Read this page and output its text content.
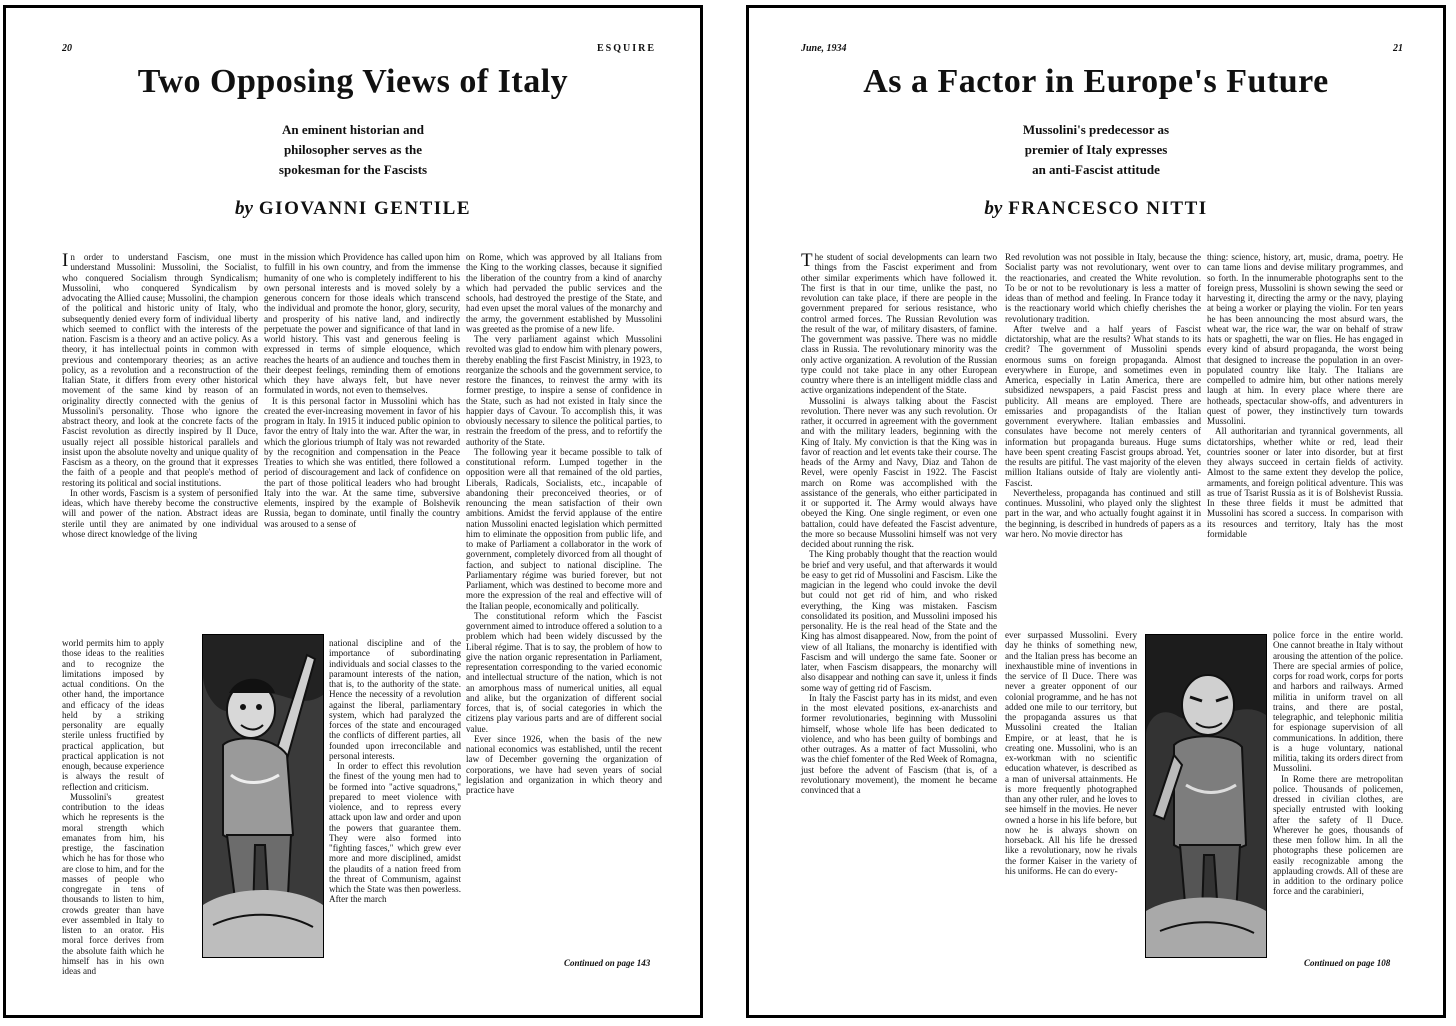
20	ESQUIRE
Two Opposing Views of Italy
An eminent historian and
philosopher serves as the
spokesman for the Fascists
by GIOVANNI GENTILE

In order to understand Fascism, one must understand Mussolini: Mussolini, the Socialist, who conquered Socialism through Syndicalism; Mussolini, who conquered Syndicalism by advocating the Allied cause; Mussolini, the champion of the political and historic unity of Italy, who subsequently denied every form of individual liberty which seemed to conflict with the interests of the nation. Fascism is a theory and an active policy. As a theory, it has intellectual points in common with previous and contemporary theories; as an active policy, as a revolution and a reconstruction of the Italian State, it differs from every other historical movement of the same kind by reason of an originality directly connected with the genius of Mussolini's personality. Those who ignore the abstract theory, and look at the concrete facts of the Fascist revolution as directly inspired by Il Duce, usually reject all possible historical parallels and insist upon the absolute novelty and unique quality of Fascism as a theory, on the ground that it expresses the faith of a people and that people's method of restoring its political and social institutions.

In other words, Fascism is a system of personified ideas, which have thereby become the constructive will and power of the nation. Abstract ideas are sterile until they are animated by one individual whose direct knowledge of the living

world permits him to apply those ideas to the realities and to recognize the limitations imposed by actual conditions. On the other hand, the importance and efficacy of the ideas held by a striking personality are equally sterile unless fructified by practical application, but practical application is not enough, because experience is always the result of reflection and criticism.

Mussolini's greatest contribution to the ideas which he represents is the moral strength which emanates from him, his prestige, the fascination which he has for those who are close to him, and for the masses of people who congregate in tens of thousands to listen to him, crowds greater than have ever assembled in Italy to listen to an orator. His moral force derives from the absolute faith which he himself has in his own ideas and

in the mission which Providence has called upon him to fulfill in his own country, and from the immense humanity of one who is completely indifferent to his own personal interests and is moved solely by a generous concern for those ideals which transcend the individual and promote the honor, glory, security, and prosperity of his native land, and indirectly perpetuate the power and significance of that land in world history. This vast and generous feeling is expressed in terms of simple eloquence, which reaches the hearts of an audience and touches them in their deepest feelings, reminding them of emotions which they have always felt, but have never formulated in words, not even to themselves.

It is this personal factor in Mussolini which has created the ever-increasing movement in favor of his program in Italy. In 1915 it induced public opinion to favor the entry of Italy into the war. After the war, in which the glorious triumph of Italy was not rewarded by the recognition and compensation in the Peace Treaties to which she was entitled, there followed a period of discouragement and lack of confidence on the part of those political leaders who had brought Italy into the war. At the same time, subversive elements, inspired by the example of Bolshevik Russia, began to dominate, until finally the country was aroused to a sense of

national discipline and of the importance of subordinating individuals and social classes to the paramount interests of the nation, that is, to the authority of the state. Hence the necessity of a revolution against the liberal, parliamentary system, which had paralyzed the forces of the state and encouraged the conflicts of different parties, all founded upon irreconcilable and personal interests.

In order to effect this revolution the finest of the young men had to be formed into "active squadrons," prepared to meet violence with violence, and to repress every attack upon law and order and upon the powers that guarantee them. They were also formed into "fighting fasces," which grew ever more and more disciplined, amidst the plaudits of a nation freed from the threat of Communism, against which the State was then powerless. After the march

on Rome, which was approved by all Italians from the King to the working classes, because it signified the liberation of the country from a kind of anarchy which had pervaded the public services and the schools, had destroyed the prestige of the State, and had even upset the moral values of the monarchy and the army, the government established by Mussolini was greeted as the promise of a new life.

The very parliament against which Mussolini revolted was glad to endow him with plenary powers, thereby enabling the first Fascist Ministry, in 1923, to reorganize the schools and the government service, to restore the finances, to reinvest the army with its former prestige, to inspire a sense of confidence in the State, such as had not existed in Italy since the happier days of Cavour. To accomplish this, it was obviously necessary to silence the political parties, to restrain the freedom of the press, and to refortify the authority of the State.

The following year it became possible to talk of constitutional reform. Lumped together in the opposition were all that remained of the old parties, Liberals, Radicals, Socialists, etc., incapable of abandoning their preconceived theories, or of renouncing the mean satisfaction of their own ambitions. Amidst the fervid applause of the entire nation Mussolini enacted legislation which permitted him to eliminate the opposition from public life, and to make of Parliament a collaborator in the work of government, completely divorced from all thought of faction, and subject to national discipline. The Parliamentary régime was buried forever, but not Parliament, which was destined to become more and more the expression of the real and effective will of the Italian people, economically and politically.

The constitutional reform which the Fascist government aimed to introduce offered a solution to a problem which had been widely discussed by the Liberal régime. That is to say, the problem of how to give the nation organic representation in Parliament, representation corresponding to the varied economic and intellectual structure of the nation, which is not an amorphous mass of numerical unities, all equal and alike, but the organization of different social forces, that is, of social categories in which the citizens play various parts and are of different social value.

Ever since 1926, when the basis of the new national economics was established, until the recent law of December governing the organization of corporations, we have had seven years of social legislation and organization in which theory and practice have

Continued on page 143
June, 1934	21
As a Factor in Europe's Future
Mussolini's predecessor as
premier of Italy expresses
an anti-Fascist attitude
by FRANCESCO NITTI

The student of social developments can learn two things from the Fascist experiment and from other similar experiments which have followed it. The first is that in our time, unlike the past, no revolution can take place, if there are people in the government prepared for serious resistance, who control armed forces. The Russian Revolution was the result of the war, of military disasters, of famine. The government was passive. There was no middle class in Russia. The revolutionary minority was the only active organization. A revolution of the Russian type could not take place in any other European country where there is an intelligent middle class and active organizations independent of the State.

Mussolini is always talking about the Fascist revolution. There never was any such revolution. Or rather, it occurred in agreement with the government and with the military leaders, beginning with the King of Italy. My conviction is that the King was in favor of reaction and let events take their course. The heads of the Army and Navy, Diaz and Tahon de Revel, were openly Fascist in 1922. The Fascist march on Rome was accomplished with the assistance of the generals, who either participated in it or supported it. The Army would always have obeyed the King. One single regiment, or even one battalion, could have defeated the Fascist adventure, the more so because Mussolini himself was not very decided about running the risk.

The King probably thought that the reaction would be brief and very useful, and that afterwards it would be easy to get rid of Mussolini and Fascism. Like the magician in the legend who could invoke the devil but could not get rid of him, and who risked everything, the King was mistaken. Fascism consolidated its position, and Mussolini imposed his personality. He is the real head of the State and the King has almost disappeared. Now, from the point of view of all Italians, the monarchy is identified with Fascism and will undergo the same fate. Sooner or later, when Fascism disappears, the monarchy will also disappear and nothing can save it, unless it finds some way of getting rid of Fascism.

In Italy the Fascist party has in its midst, and even in the most elevated positions, ex-anarchists and former revolutionaries, beginning with Mussolini himself, whose whole life has been dedicated to violence, and who has been guilty of bombings and other outrages. As a matter of fact Mussolini, who was the chief fomenter of the Red Week of Romagna, just before the advent of Fascism (that is, of a revolutionary movement), the moment he became convinced that a

Red revolution was not possible in Italy, because the Socialist party was not revolutionary, went over to the reactionaries, and created the White revolution. To be or not to be revolutionary is less a matter of ideas than of method and feeling. In France today it is the reactionary world which chiefly cherishes the revolutionary tradition.

After twelve and a half years of Fascist dictatorship, what are the results? What stands to its credit? The government of Mussolini spends enormous sums on foreign propaganda. Almost everywhere in Europe, and sometimes even in America, especially in Latin America, there are subsidized newspapers, a paid Fascist press and publicity. All means are employed. There are emissaries and propagandists of the Italian government everywhere. Italian embassies and consulates have become not merely centers of information but propaganda bureaus. Huge sums have been spent creating Fascist groups abroad. Yet, the results are pitiful. The vast majority of the eleven million Italians outside of Italy are violently anti-Fascist.

Nevertheless, propaganda has continued and still continues. Mussolini, who played only the slightest part in the war, and who actually fought against it in the beginning, is described in hundreds of papers as a war hero. No movie director has

ever surpassed Mussolini. Every day he thinks of something new, and the Italian press has become an inexhaustible mine of inventions in the service of Il Duce. There was never a greater opponent of our colonial programme, and he has not added one mile to our territory, but the propaganda assures us that Mussolini created the Italian Empire, or at least, that he is creating one. Mussolini, who is an ex-workman with no scientific education whatever, is described as a man of universal attainments. He is more frequently photographed than any other ruler, and he loves to see himself in the movies. He never owned a horse in his life before, but now he is always shown on horseback. All his life he dressed like a revolutionary, now he rivals the former Kaiser in the variety of his uniforms. He can do every-

thing: science, history, art, music, drama, poetry. He can tame lions and devise military programmes, and so forth. In the innumerable photographs sent to the foreign press, Mussolini is shown sewing the seed or harvesting it, directing the army or the navy, playing at being a worker or playing the violin. For ten years he has been announcing the most absurd wars, the wheat war, the rice war, the war on behalf of straw hats or spaghetti, the war on flies. He has engaged in every kind of absurd propaganda, the worst being that designed to increase the population in an over-populated country like Italy. The Italians are compelled to admire him, but other nations merely laugh at him. In every place where there are hotheads, spectacular show-offs, and adventurers in quest of power, they instinctively turn towards Mussolini.

All authoritarian and tyrannical governments, all dictatorships, whether white or red, lead their countries sooner or later into disorder, but at first they always succeed in certain fields of activity. Almost to the same extent they develop the police, armaments, and foreign political adventure. This was as true of Tsarist Russia as it is of Bolshevist Russia. In these three fields it must be admitted that Mussolini has scored a success. In comparison with its resources and territory, Italy has the most formidable

police force in the entire world. One cannot breathe in Italy without arousing the attention of the police. There are special armies of police, corps for road work, corps for ports and harbors and railways. Armed militia in uniform travel on all trains, and there are postal, telegraphic, and telephonic militia for espionage supervision of all communications. In addition, there is a huge voluntary, national militia, taking its orders direct from Mussolini.

In Rome there are metropolitan police. Thousands of policemen, dressed in civilian clothes, are specially entrusted with looking after the safety of Il Duce. Wherever he goes, thousands of these men follow him. In all the photographs these policemen are easily recognizable among the applauding crowds. All of these are in addition to the ordinary police force and the carabinieri,

Continued on page 108
